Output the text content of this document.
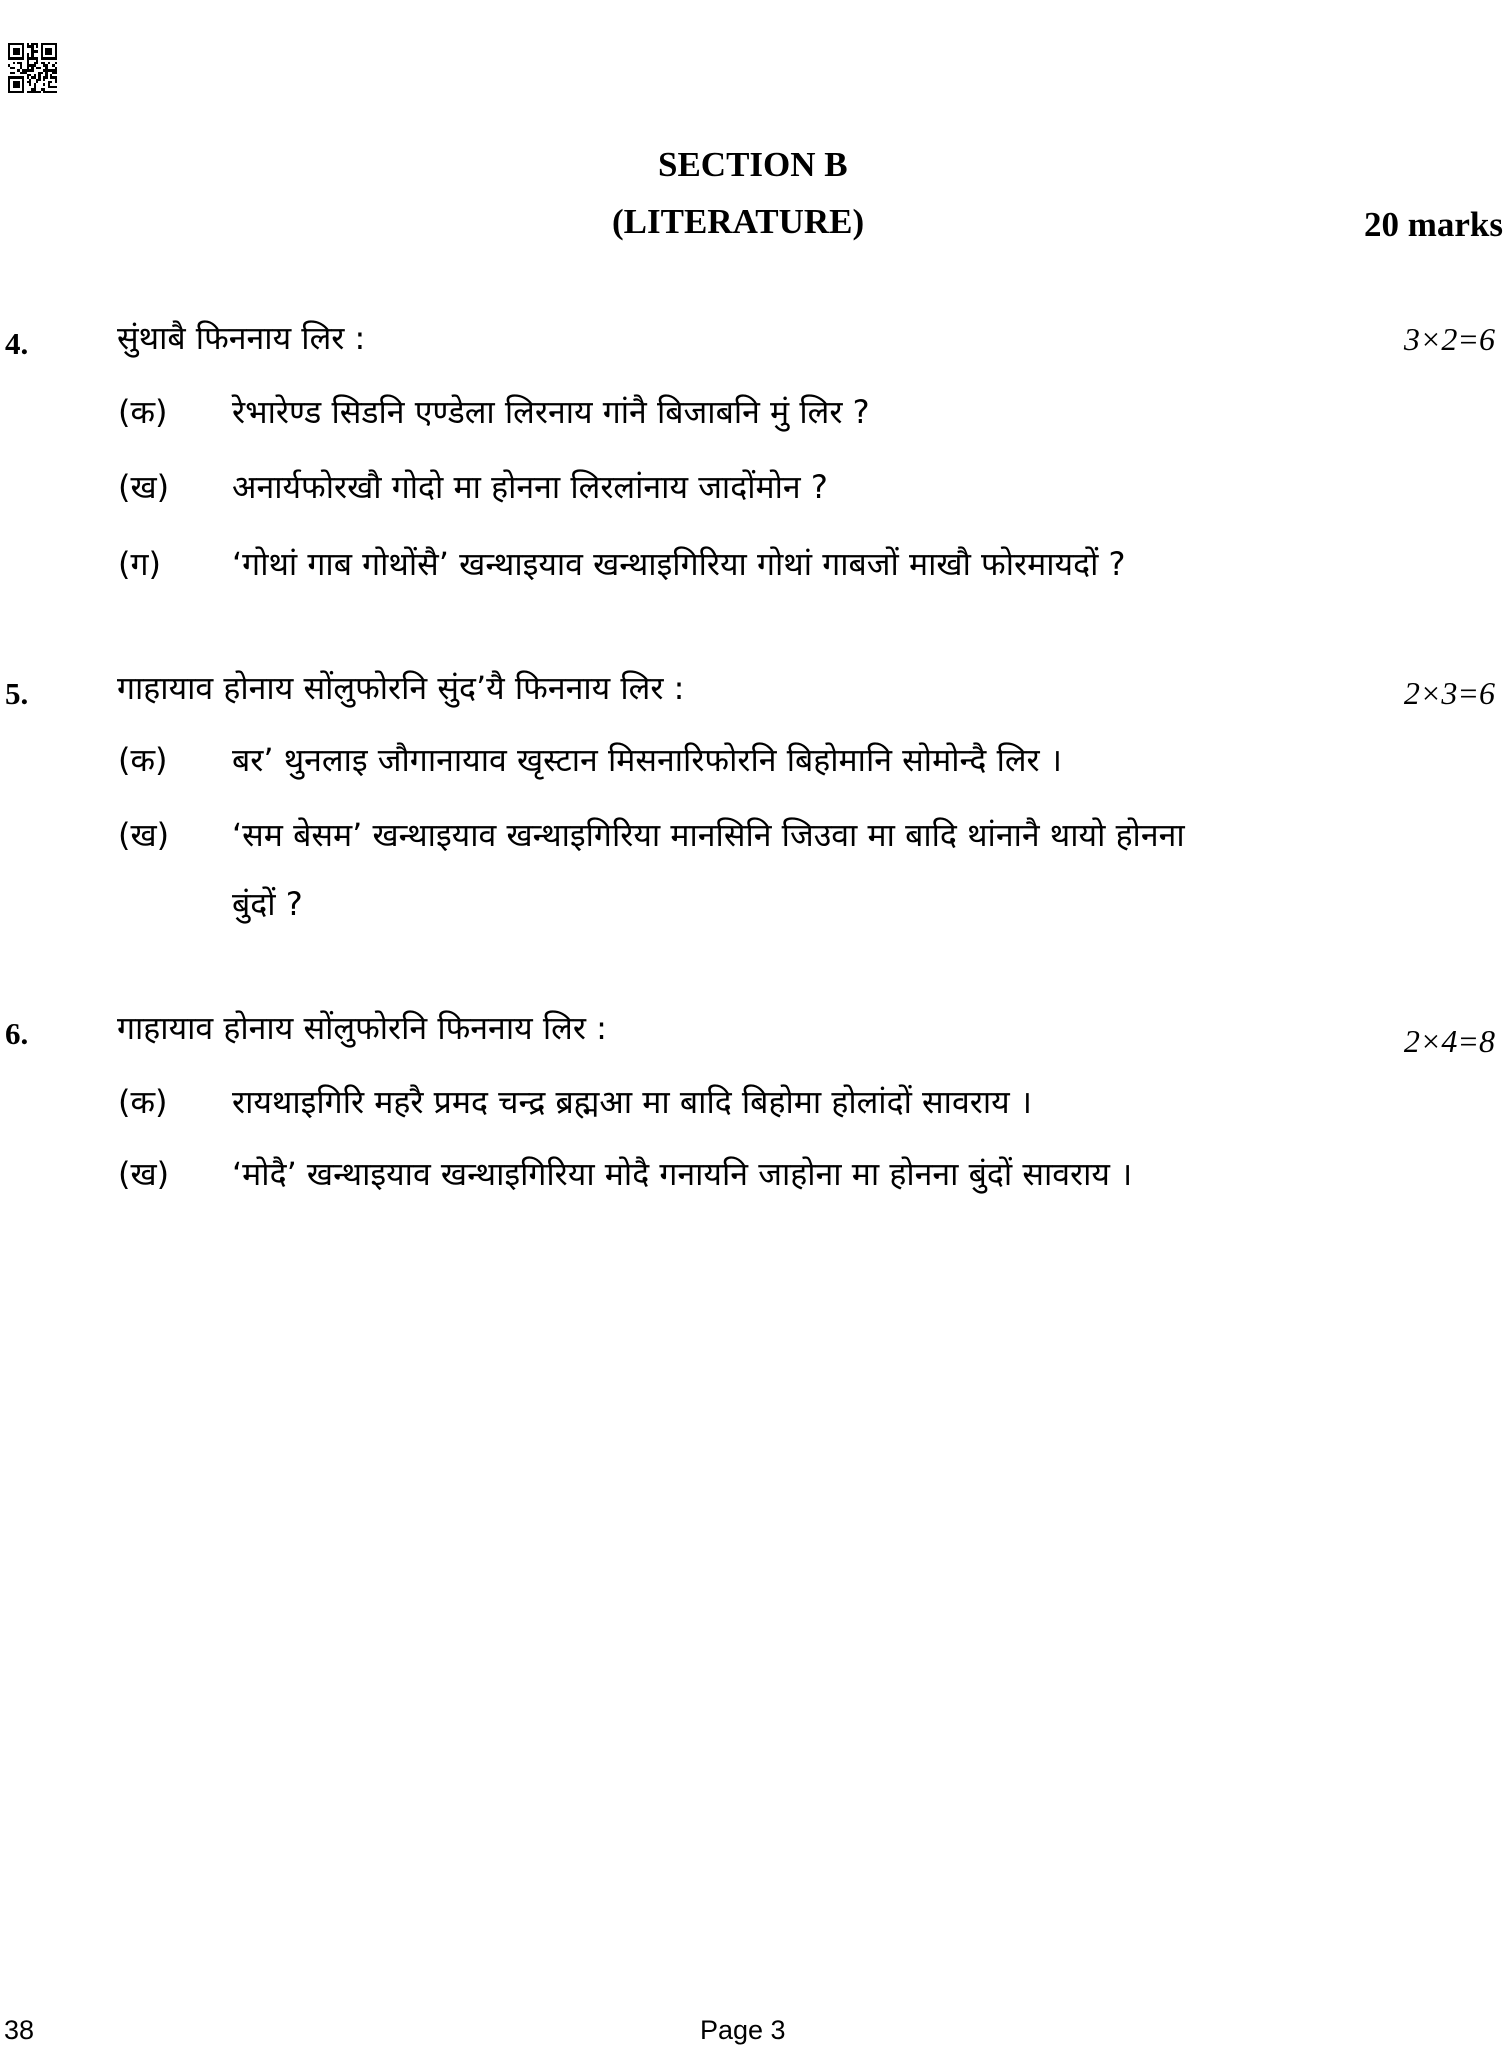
SECTION B
(LITERATURE)	20 marks
4.	सुंथाबै फिननाय लिर :	3×2=6
(क) रेभारेण्ड सिडनि एण्डेला लिरनाय गांनै बिजाबनि मुं लिर ?
(ख) अनार्यफोरखौ गोदो मा होनना लिरलांनाय जादोंमोन ?
(ग) ‘गोथां गाब गोथोंसै’ खन्थाइयाव खन्थाइगिरिया गोथां गाबजों माखौ फोरमायदों ?
5.	गाहायाव होनाय सोंलुफोरनि सुंद’यै फिननाय लिर :	2×3=6
(क) बर’ थुनलाइ जौगानायाव खृस्टान मिसनारिफोरनि बिहोमानि सोमोन्दै लिर ।
(ख) ‘सम बेसम’ खन्थाइयाव खन्थाइगिरिया मानसिनि जिउवा मा बादि थांनानै थायो होनना
बुंदों ?
6.	गाहायाव होनाय सोंलुफोरनि फिननाय लिर :	2×4=8
(क) रायथाइगिरि महरै प्रमद चन्द्र ब्रह्मआ मा बादि बिहोमा होलांदों सावराय ।
(ख) ‘मोदै’ खन्थाइयाव खन्थाइगिरिया मोदै गनायनि जाहोना मा होनना बुंदों सावराय ।
38	Page 3
